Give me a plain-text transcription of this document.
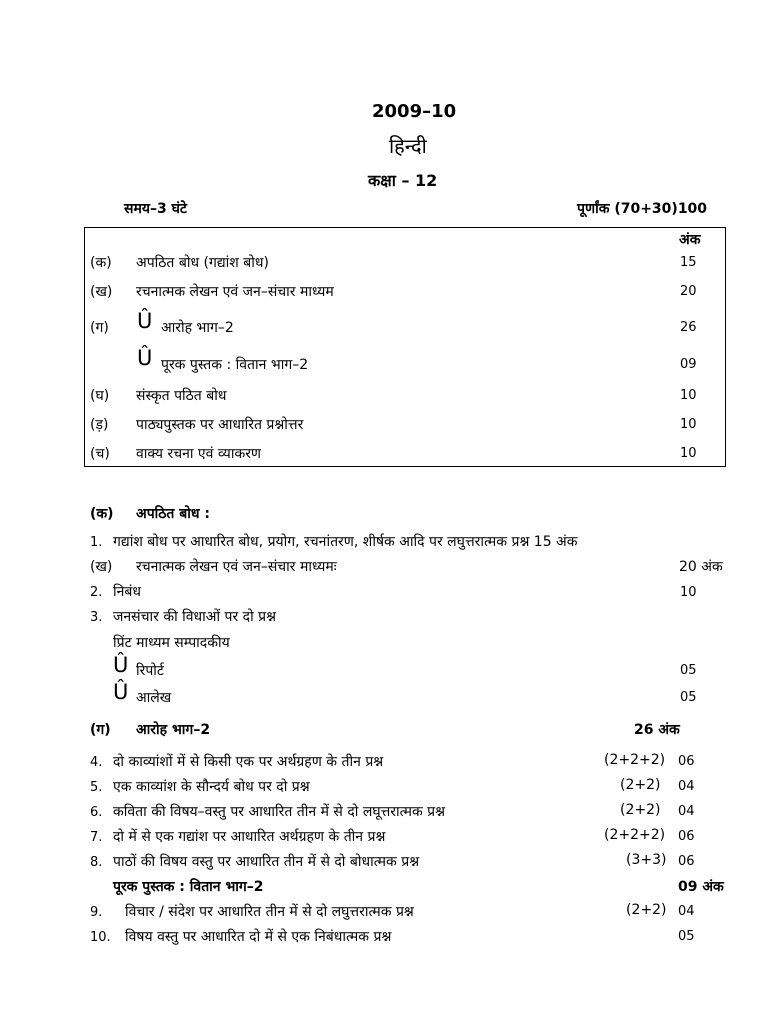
2009–10
हिन्दी
कक्षा – 12
समय–3 घंटे	पूर्णांक (70+30)100
अंक
(क) अपठित बोध (गद्यांश बोध)	15
(ख) रचनात्मक लेखन एवं जन–संचार माध्यम	20
(ग) Û आरोह भाग–2	26
Û पूरक पुस्तक : वितान भाग–2	09
(घ) संस्कृत पठित बोध	10
(ड़) पाठ्यपुस्तक पर आधारित प्रश्नोत्तर	10
(च) वाक्य रचना एवं व्याकरण	10
(क) अपठित बोध :
1. गद्यांश बोध पर आधारित बोध, प्रयोग, रचनांतरण, शीर्षक आदि पर लघुत्तरात्मक प्रश्न 15 अंक
(ख) रचनात्मक लेखन एवं जन–संचार माध्यमः	20 अंक
2. निबंध	10
3. जनसंचार की विधाओं पर दो प्रश्न
प्रिंट माध्यम सम्पादकीय
Û रिपोर्ट	05
Û आलेख	05
(ग) आरोह भाग–2	26 अंक
4. दो काव्यांशों में से किसी एक पर अर्थग्रहण के तीन प्रश्न	(2+2+2) 06
5. एक काव्यांश के सौन्दर्य बोध पर दो प्रश्न	(2+2) 04
6. कविता की विषय–वस्तु पर आधारित तीन में से दो लघूत्तरात्मक प्रश्न	(2+2) 04
7. दो में से एक गद्यांश पर आधारित अर्थग्रहण के तीन प्रश्न	(2+2+2) 06
8. पाठों की विषय वस्तु पर आधारित तीन में से दो बोधात्मक प्रश्न	(3+3) 06
पूरक पुस्तक : वितान भाग–2	09 अंक
9. विचार / संदेश पर आधारित तीन में से दो लघुत्तरात्मक प्रश्न	(2+2) 04
10. विषय वस्तु पर आधारित दो में से एक निबंधात्मक प्रश्न	05
